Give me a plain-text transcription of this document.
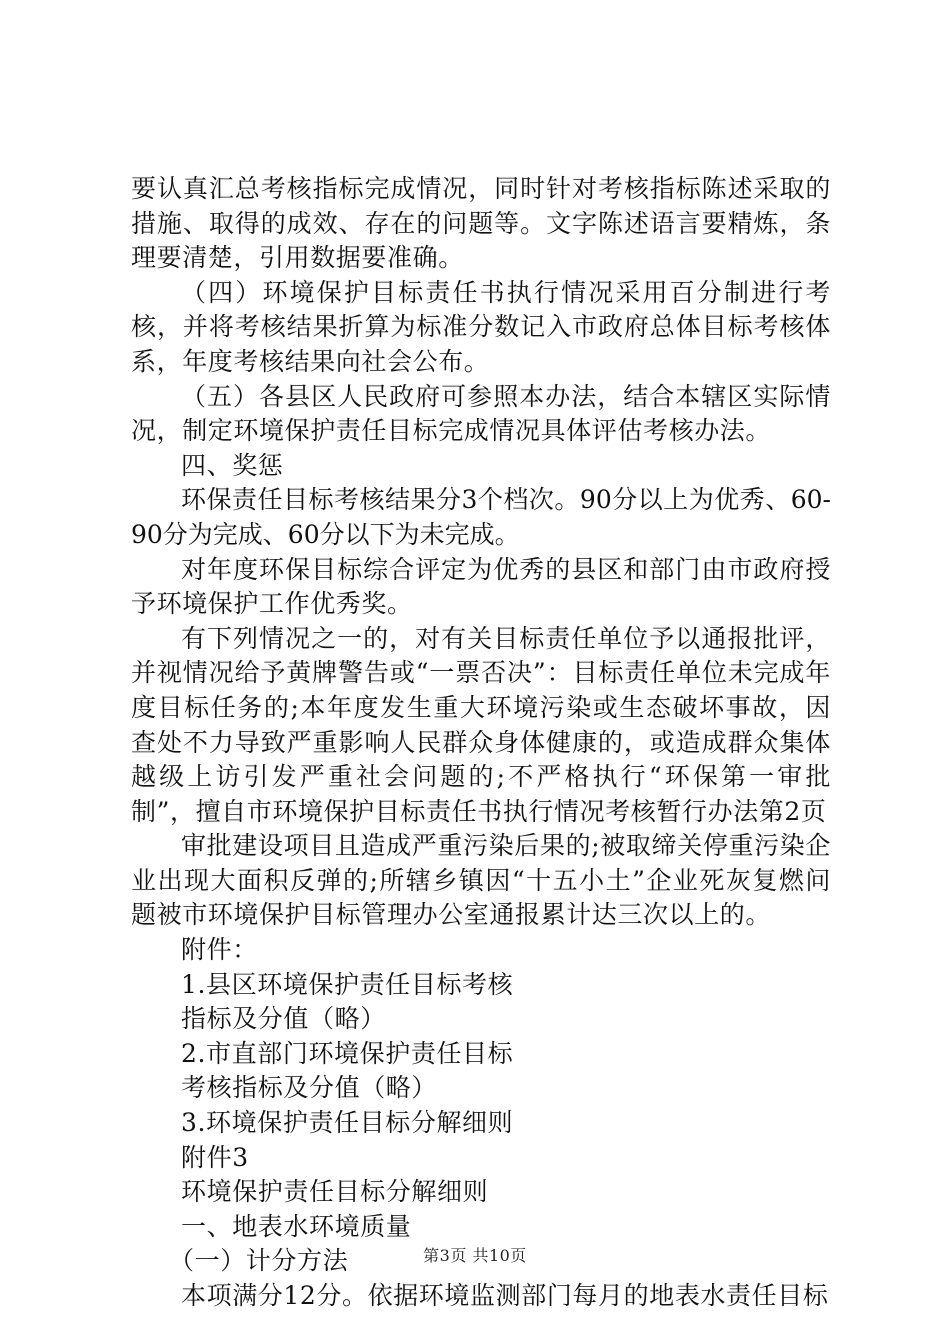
要认真汇总考核指标完成情况，同时针对考核指标陈述采取的措施、取得的成效、存在的问题等。文字陈述语言要精炼，条理要清楚，引用数据要准确。

（四）环境保护目标责任书执行情况采用百分制进行考核，并将考核结果折算为标准分数记入市政府总体目标考核体系，年度考核结果向社会公布。

（五）各县区人民政府可参照本办法，结合本辖区实际情况，制定环境保护责任目标完成情况具体评估考核办法。

四、奖惩

环保责任目标考核结果分3个档次。90分以上为优秀、60-90分为完成、60分以下为未完成。

对年度环保目标综合评定为优秀的县区和部门由市政府授予环境保护工作优秀奖。

有下列情况之一的，对有关目标责任单位予以通报批评，并视情况给予黄牌警告或“一票否决”：目标责任单位未完成年度目标任务的;本年度发生重大环境污染或生态破坏事故，因查处不力导致严重影响人民群众身体健康的，或造成群众集体越级上访引发严重社会问题的;不严格执行“环保第一审批制”，擅自市环境保护目标责任书执行情况考核暂行办法第2页

审批建设项目且造成严重污染后果的;被取缔关停重污染企业出现大面积反弹的;所辖乡镇因“十五小土”企业死灰复燃问题被市环境保护目标管理办公室通报累计达三次以上的。

附件：

1.县区环境保护责任目标考核

指标及分值（略）

2.市直部门环境保护责任目标

考核指标及分值（略）

3.环境保护责任目标分解细则

附件3

环境保护责任目标分解细则

一、地表水环境质量

（一）计分方法

本项满分12分。依据环境监测部门每月的地表水责任目标

第3页 共10页
